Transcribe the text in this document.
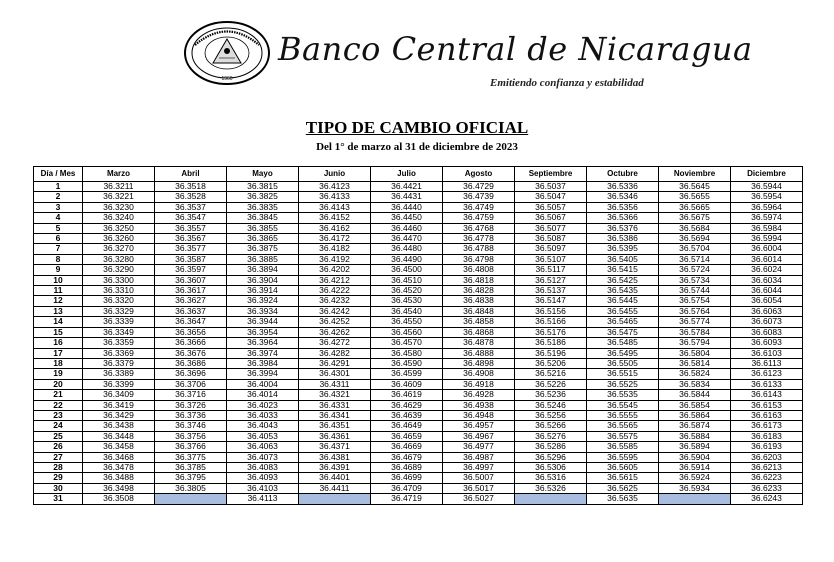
1960
Banco Central de Nicaragua
Emitiendo confianza y estabilidad
TIPO DE CAMBIO OFICIAL
Del 1° de marzo al 31 de diciembre de 2023
Día / Mes	Marzo	Abril	Mayo	Junio	Julio	Agosto	Septiembre	Octubre	Noviembre	Diciembre
1	36.3211	36.3518	36.3815	36.4123	36.4421	36.4729	36.5037	36.5336	36.5645	36.5944
2	36.3221	36.3528	36.3825	36.4133	36.4431	36.4739	36.5047	36.5346	36.5655	36.5954
3	36.3230	36.3537	36.3835	36.4143	36.4440	36.4749	36.5057	36.5356	36.5665	36.5964
4	36.3240	36.3547	36.3845	36.4152	36.4450	36.4759	36.5067	36.5366	36.5675	36.5974
5	36.3250	36.3557	36.3855	36.4162	36.4460	36.4768	36.5077	36.5376	36.5684	36.5984
6	36.3260	36.3567	36.3865	36.4172	36.4470	36.4778	36.5087	36.5386	36.5694	36.5994
7	36.3270	36.3577	36.3875	36.4182	36.4480	36.4788	36.5097	36.5395	36.5704	36.6004
8	36.3280	36.3587	36.3885	36.4192	36.4490	36.4798	36.5107	36.5405	36.5714	36.6014
9	36.3290	36.3597	36.3894	36.4202	36.4500	36.4808	36.5117	36.5415	36.5724	36.6024
10	36.3300	36.3607	36.3904	36.4212	36.4510	36.4818	36.5127	36.5425	36.5734	36.6034
11	36.3310	36.3617	36.3914	36.4222	36.4520	36.4828	36.5137	36.5435	36.5744	36.6044
12	36.3320	36.3627	36.3924	36.4232	36.4530	36.4838	36.5147	36.5445	36.5754	36.6054
13	36.3329	36.3637	36.3934	36.4242	36.4540	36.4848	36.5156	36.5455	36.5764	36.6063
14	36.3339	36.3647	36.3944	36.4252	36.4550	36.4858	36.5166	36.5465	36.5774	36.6073
15	36.3349	36.3656	36.3954	36.4262	36.4560	36.4868	36.5176	36.5475	36.5784	36.6083
16	36.3359	36.3666	36.3964	36.4272	36.4570	36.4878	36.5186	36.5485	36.5794	36.6093
17	36.3369	36.3676	36.3974	36.4282	36.4580	36.4888	36.5196	36.5495	36.5804	36.6103
18	36.3379	36.3686	36.3984	36.4291	36.4590	36.4898	36.5206	36.5505	36.5814	36.6113
19	36.3389	36.3696	36.3994	36.4301	36.4599	36.4908	36.5216	36.5515	36.5824	36.6123
20	36.3399	36.3706	36.4004	36.4311	36.4609	36.4918	36.5226	36.5525	36.5834	36.6133
21	36.3409	36.3716	36.4014	36.4321	36.4619	36.4928	36.5236	36.5535	36.5844	36.6143
22	36.3419	36.3726	36.4023	36.4331	36.4629	36.4938	36.5246	36.5545	36.5854	36.6153
23	36.3429	36.3736	36.4033	36.4341	36.4639	36.4948	36.5256	36.5555	36.5864	36.6163
24	36.3438	36.3746	36.4043	36.4351	36.4649	36.4957	36.5266	36.5565	36.5874	36.6173
25	36.3448	36.3756	36.4053	36.4361	36.4659	36.4967	36.5276	36.5575	36.5884	36.6183
26	36.3458	36.3766	36.4063	36.4371	36.4669	36.4977	36.5286	36.5585	36.5894	36.6193
27	36.3468	36.3775	36.4073	36.4381	36.4679	36.4987	36.5296	36.5595	36.5904	36.6203
28	36.3478	36.3785	36.4083	36.4391	36.4689	36.4997	36.5306	36.5605	36.5914	36.6213
29	36.3488	36.3795	36.4093	36.4401	36.4699	36.5007	36.5316	36.5615	36.5924	36.6223
30	36.3498	36.3805	36.4103	36.4411	36.4709	36.5017	36.5326	36.5625	36.5934	36.6233
31	36.3508		36.4113		36.4719	36.5027		36.5635		36.6243
